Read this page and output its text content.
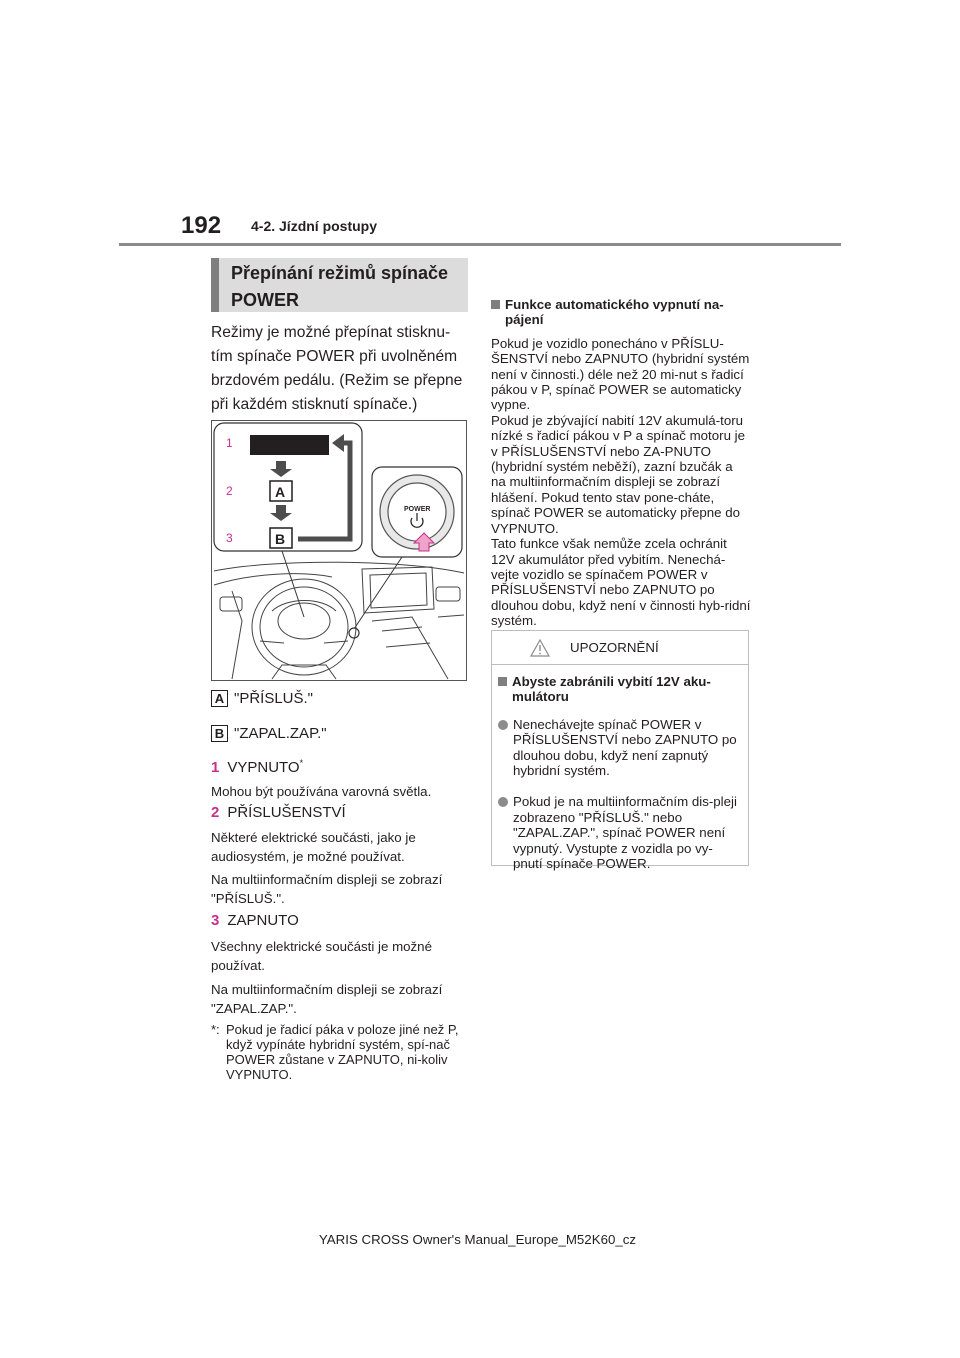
192 4-2. Jízdní postupy
Přepínání režimů spínače
POWER
Režimy je možné přepínat stisknu-tím spínače POWER při uvolněném brzdovém pedálu. (Režim se přepne při každém stisknutí spínače.)
1
2	A
3	B
POWER
A "PŘÍSLUŠ."
B "ZAPAL.ZAP."
1 VYPNUTO*
Mohou být používána varovná světla.
2 PŘÍSLUŠENSTVÍ
Některé elektrické součásti, jako je audiosystém, je možné používat.
Na multiinformačním displeji se zobrazí "PŘÍSLUŠ.".
3 ZAPNUTO
Všechny elektrické součásti je možné používat.
Na multiinformačním displeji se zobrazí "ZAPAL.ZAP.".
*: Pokud je řadicí páka v poloze jiné než P, když vypínáte hybridní systém, spí-nač POWER zůstane v ZAPNUTO, ni-koliv VYPNUTO.
Funkce automatického vypnutí na-pájení
Pokud je vozidlo ponecháno v PŘÍSLU-ŠENSTVÍ nebo ZAPNUTO (hybridní systém není v činnosti.) déle než 20 mi-nut s řadicí pákou v P, spínač POWER se automaticky vypne.
Pokud je zbývající nabití 12V akumulá-toru nízké s řadicí pákou v P a spínač motoru je v PŘÍSLUŠENSTVÍ nebo ZA-PNUTO (hybridní systém neběží), zazní bzučák a na multiinformačním displeji se zobrazí hlášení. Pokud tento stav pone-cháte, spínač POWER se automaticky přepne do VYPNUTO.
Tato funkce však nemůže zcela ochránit 12V akumulátor před vybitím. Nenechá-vejte vozidlo se spínačem POWER v PŘÍSLUŠENSTVÍ nebo ZAPNUTO po dlouhou dobu, když není v činnosti hyb-ridní systém.
UPOZORNĚNÍ
Abyste zabránili vybití 12V aku-mulátoru
Nenechávejte spínač POWER v PŘÍSLUŠENSTVÍ nebo ZAPNUTO po dlouhou dobu, když není zapnutý hybridní systém.
Pokud je na multiinformačním dis-pleji zobrazeno "PŘÍSLUŠ." nebo "ZAPAL.ZAP.", spínač POWER není vypnutý. Vystupte z vozidla po vy-pnutí spínače POWER.
YARIS CROSS Owner's Manual_Europe_M52K60_cz
